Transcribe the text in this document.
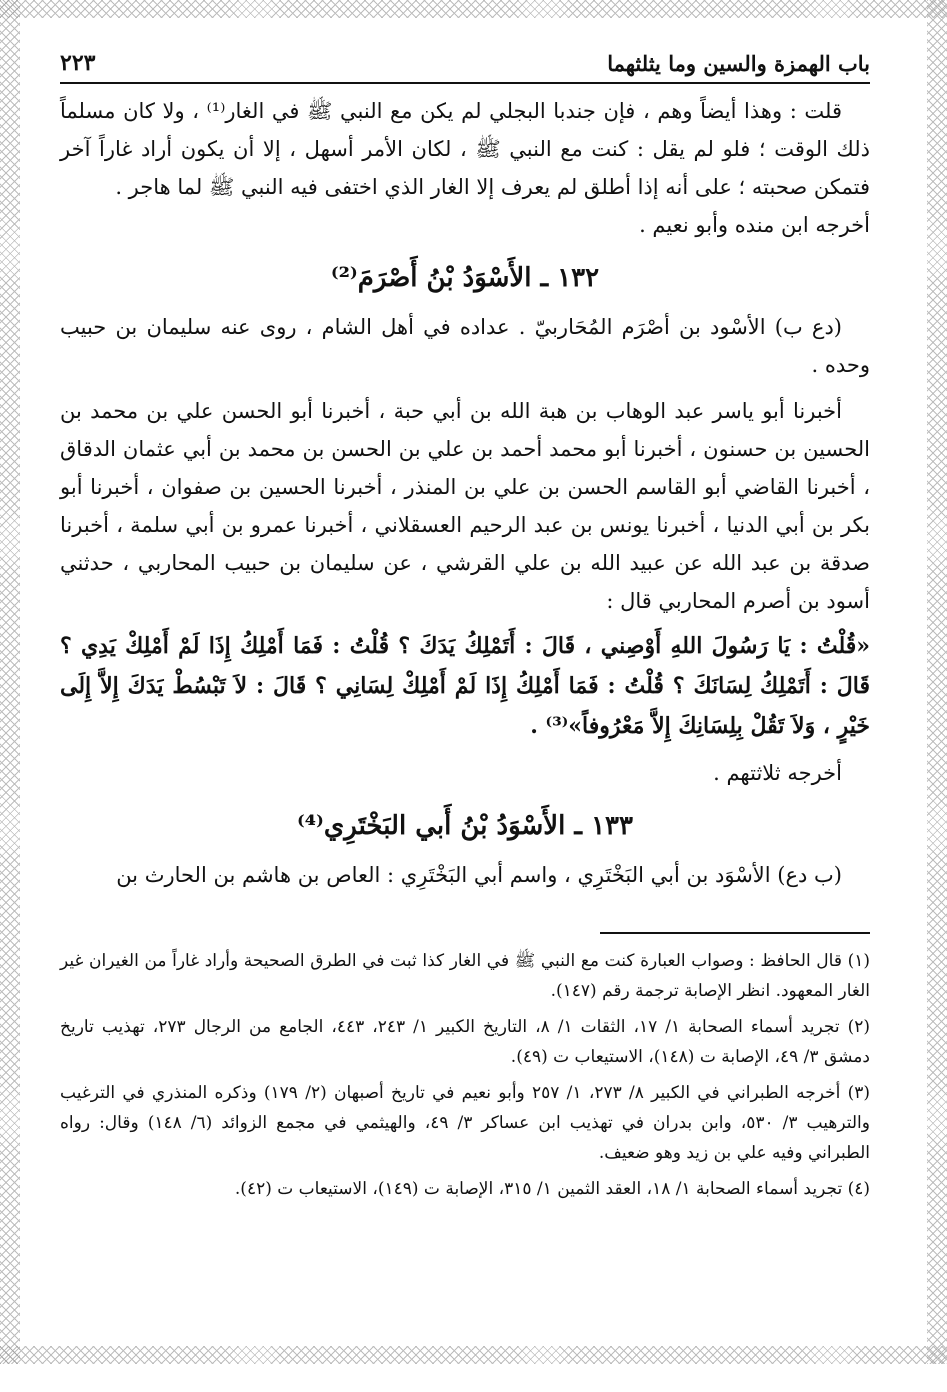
باب الهمزة والسين وما يثلثهما
٢٢٣

قلت : وهذا أيضاً وهم ، فإن جندبا البجلي لم يكن مع النبي ﷺ في الغار⁽¹⁾ ، ولا كان مسلماً ذلك الوقت ؛ فلو لم يقل : كنت مع النبي ﷺ ، لكان الأمر أسهل ، إلا أن يكون أراد غاراً آخر فتمكن صحبته ؛ على أنه إذا أطلق لم يعرف إلا الغار الذي اختفى فيه النبي ﷺ لما هاجر .

أخرجه ابن منده وأبو نعيم .

١٣٢ ـ الأَسْوَدُ بْنُ أَصْرَمَ⁽²⁾

(دع ب) الأسْود بن أصْرَم المُحَاربيّ . عداده في أهل الشام ، روى عنه سليمان بن حبيب وحده .

أخبرنا أبو ياسر عبد الوهاب بن هبة الله بن أبي حبة ، أخبرنا أبو الحسن علي بن محمد بن الحسين بن حسنون ، أخبرنا أبو محمد أحمد بن علي بن الحسن بن محمد بن أبي عثمان الدقاق ، أخبرنا القاضي أبو القاسم الحسن بن علي بن المنذر ، أخبرنا الحسين بن صفوان ، أخبرنا أبو بكر بن أبي الدنيا ، أخبرنا يونس بن عبد الرحيم العسقلاني ، أخبرنا عمرو بن أبي سلمة ، أخبرنا صدقة بن عبد الله عن عبيد الله بن علي القرشي ، عن سليمان بن حبيب المحاربي ، حدثني أسود بن أصرم المحاربي قال :

«قُلْتُ : يَا رَسُولَ اللهِ أَوْصِني ، قَالَ : أَتَمْلِكُ يَدَكَ ؟ قُلْتُ : فَمَا أَمْلِكُ إِذَا لَمْ أَمْلِكْ يَدِي ؟ قَالَ : أَتَمْلِكُ لِسَانَكَ ؟ قُلْتُ : فَمَا أَمْلِكُ إِذَا لَمْ أَمْلِكْ لِسَانِي ؟ قَالَ : لاَ تَبْسُطْ يَدَكَ إِلاَّ إِلَى خَيْرٍ ، وَلاَ تَقُلْ بِلِسَانِكَ إِلاَّ مَعْرُوفاً»⁽³⁾ .

أخرجه ثلاثتهم .

١٣٣ ـ الأَسْوَدُ بْنُ أَبي البَخْتَرِي⁽⁴⁾

(ب دع) الأسْوَد بن أبي البَخْتَرِي ، واسم أبي البَخْتَرِي : العاص بن هاشم بن الحارث بن

(١) قال الحافظ : وصواب العبارة كنت مع النبي ﷺ في الغار كذا ثبت في الطرق الصحيحة وأراد غاراً من الغيران غير الغار المعهود. انظر الإصابة ترجمة رقم (١٤٧).

(٢) تجريد أسماء الصحابة ١/ ١٧، الثقات ١/ ٨، التاريخ الكبير ١/ ٢٤٣، ٤٤٣، الجامع من الرجال ٢٧٣، تهذيب تاريخ دمشق ٣/ ٤٩، الإصابة ت (١٤٨)، الاستيعاب ت (٤٩).

(٣) أخرجه الطبراني في الكبير ٨/ ٢٧٣، ١/ ٢٥٧ وأبو نعيم في تاريخ أصبهان (٢/ ١٧٩) وذكره المنذري في الترغيب والترهيب ٣/ ٥٣٠، وابن بدران في تهذيب ابن عساكر ٣/ ٤٩، والهيثمي في مجمع الزوائد (٦/ ١٤٨) وقال: رواه الطبراني وفيه علي بن زيد وهو ضعيف.

(٤) تجريد أسماء الصحابة ١/ ١٨، العقد الثمين ١/ ٣١٥، الإصابة ت (١٤٩)، الاستيعاب ت (٤٢).
